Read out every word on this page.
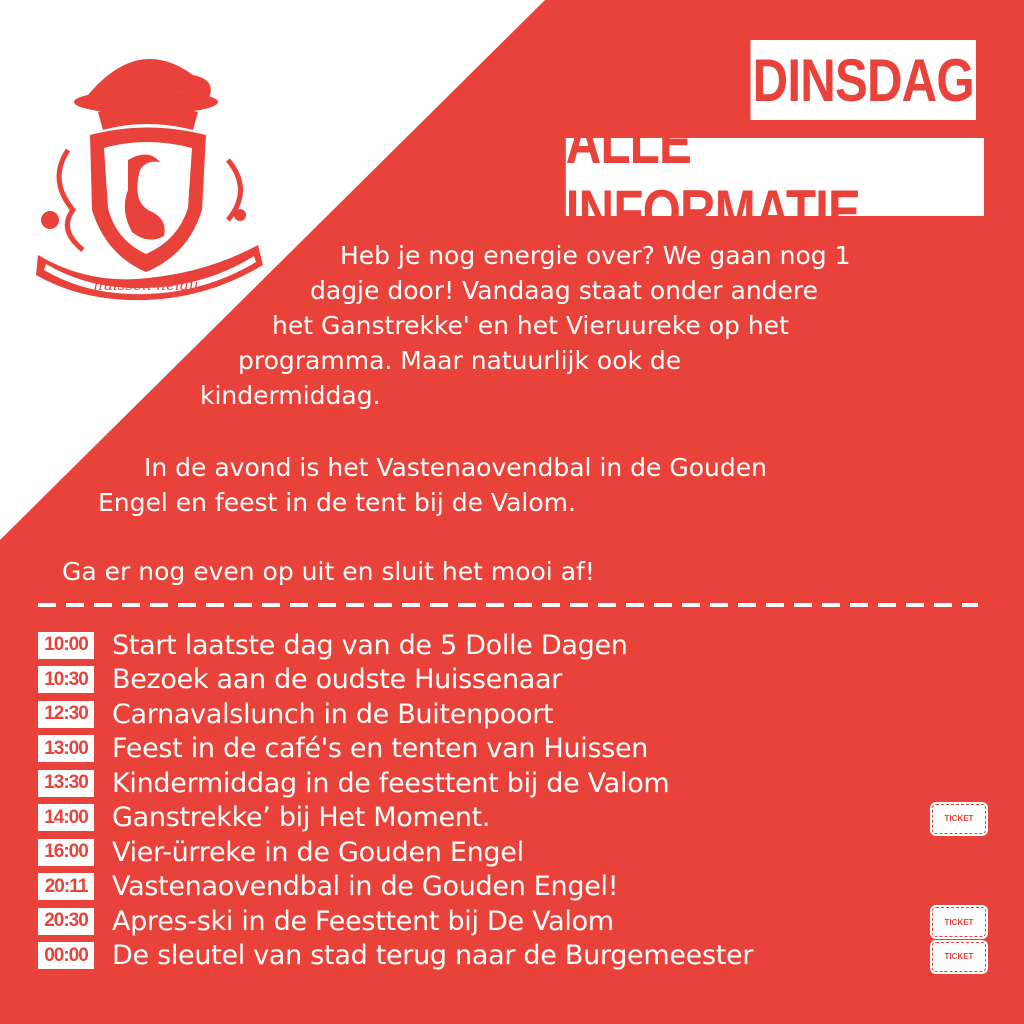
huissen helau
DINSDAG
ALLE INFORMATIE
Heb je nog energie over? We gaan nog 1
dagje door! Vandaag staat onder andere
het Ganstrekke' en het Vieruureke op het
programma. Maar natuurlijk ook de
kindermiddag.
In de avond is het Vastenaovendbal in de Gouden
Engel en feest in de tent bij de Valom.
Ga er nog even op uit en sluit het mooi af!
10:00 Start laatste dag van de 5 Dolle Dagen
10:30 Bezoek aan de oudste Huissenaar
12:30 Carnavalslunch in de Buitenpoort
13:00 Feest in de café's en tenten van Huissen
13:30 Kindermiddag in de feesttent bij de Valom
14:00 Ganstrekke’ bij Het Moment.	TICKET
16:00 Vier-ürreke in de Gouden Engel
20:11 Vastenaovendbal in de Gouden Engel!
20:30 Apres-ski in de Feesttent bij De Valom	TICKET
00:00 De sleutel van stad terug naar de Burgemeester	TICKET
